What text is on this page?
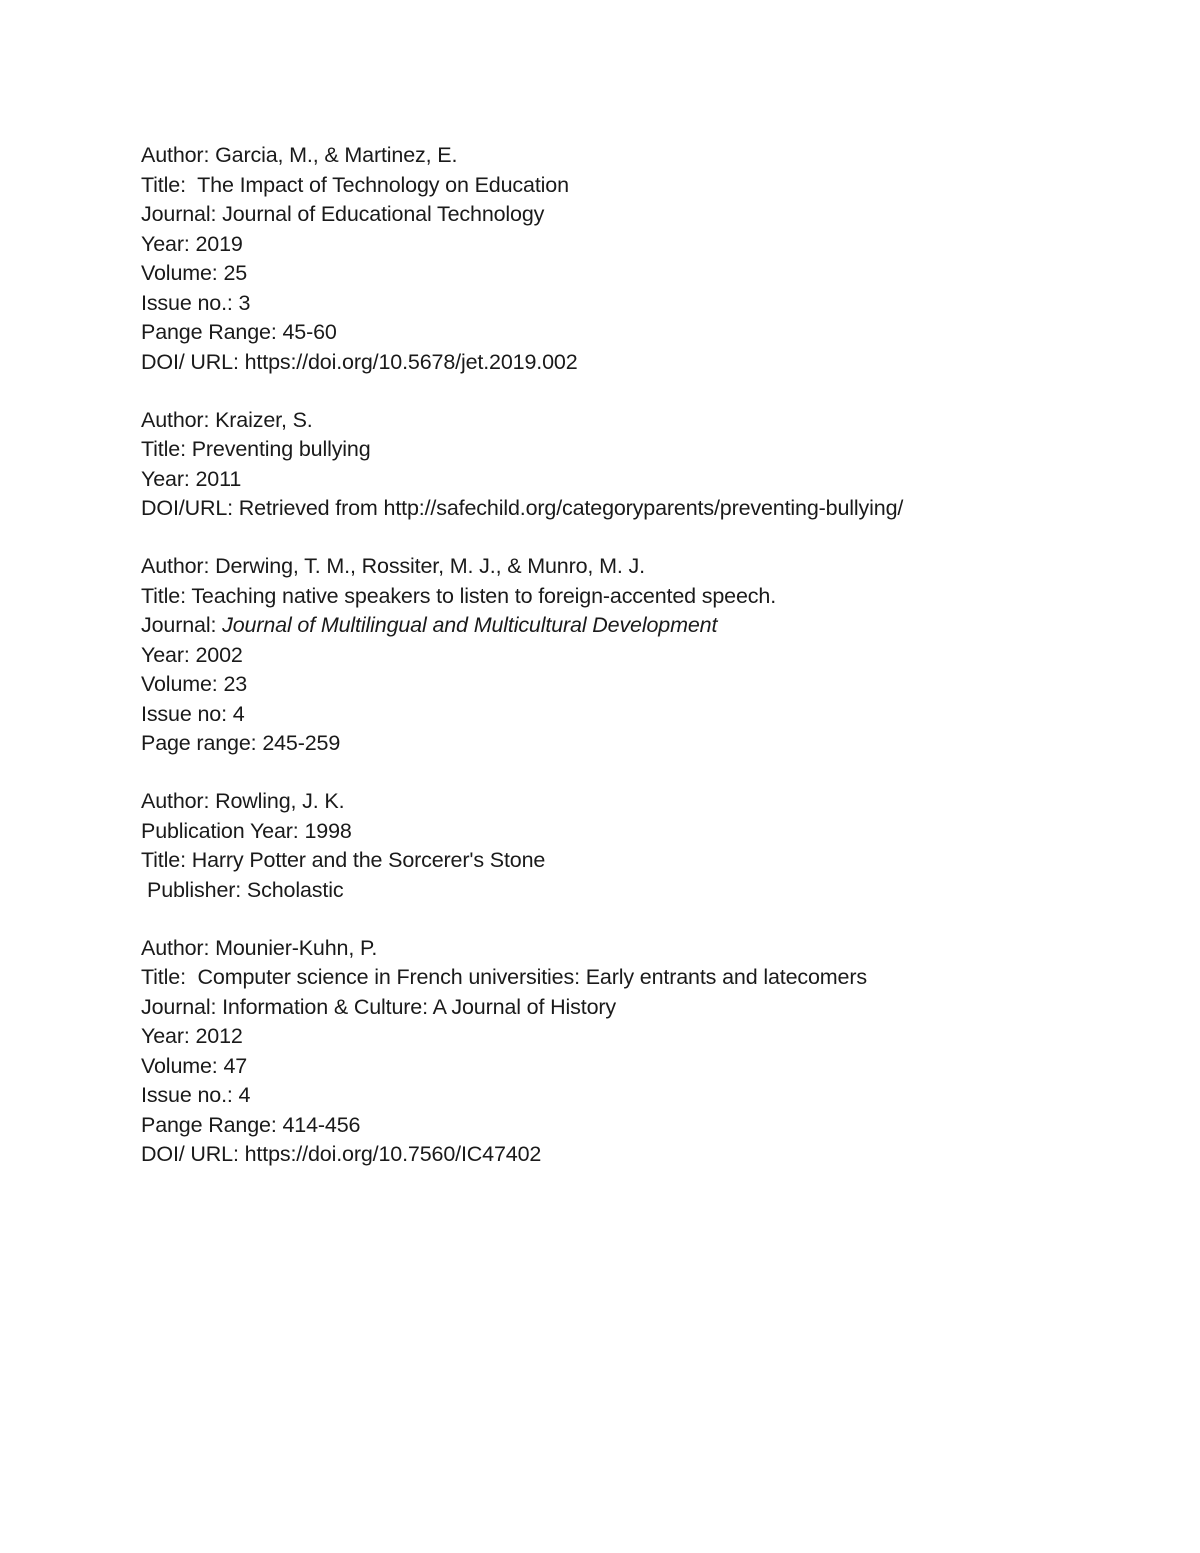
Author: Garcia, M., & Martinez, E.
Title:  The Impact of Technology on Education
Journal: Journal of Educational Technology
Year: 2019
Volume: 25
Issue no.: 3
Pange Range: 45-60
DOI/ URL: https://doi.org/10.5678/jet.2019.002
Author: Kraizer, S.
Title: Preventing bullying
Year: 2011
DOI/URL: Retrieved from http://safechild.org/categoryparents/preventing-bullying/
Author: Derwing, T. M., Rossiter, M. J., & Munro, M. J.
Title: Teaching native speakers to listen to foreign-accented speech.
Journal: Journal of Multilingual and Multicultural Development
Year: 2002
Volume: 23
Issue no: 4
Page range: 245-259
Author: Rowling, J. K.
Publication Year: 1998
Title: Harry Potter and the Sorcerer's Stone
Publisher: Scholastic
Author: Mounier-Kuhn, P.
Title:  Computer science in French universities: Early entrants and latecomers
Journal: Information & Culture: A Journal of History
Year: 2012
Volume: 47
Issue no.: 4
Pange Range: 414-456
DOI/ URL: https://doi.org/10.7560/IC47402
